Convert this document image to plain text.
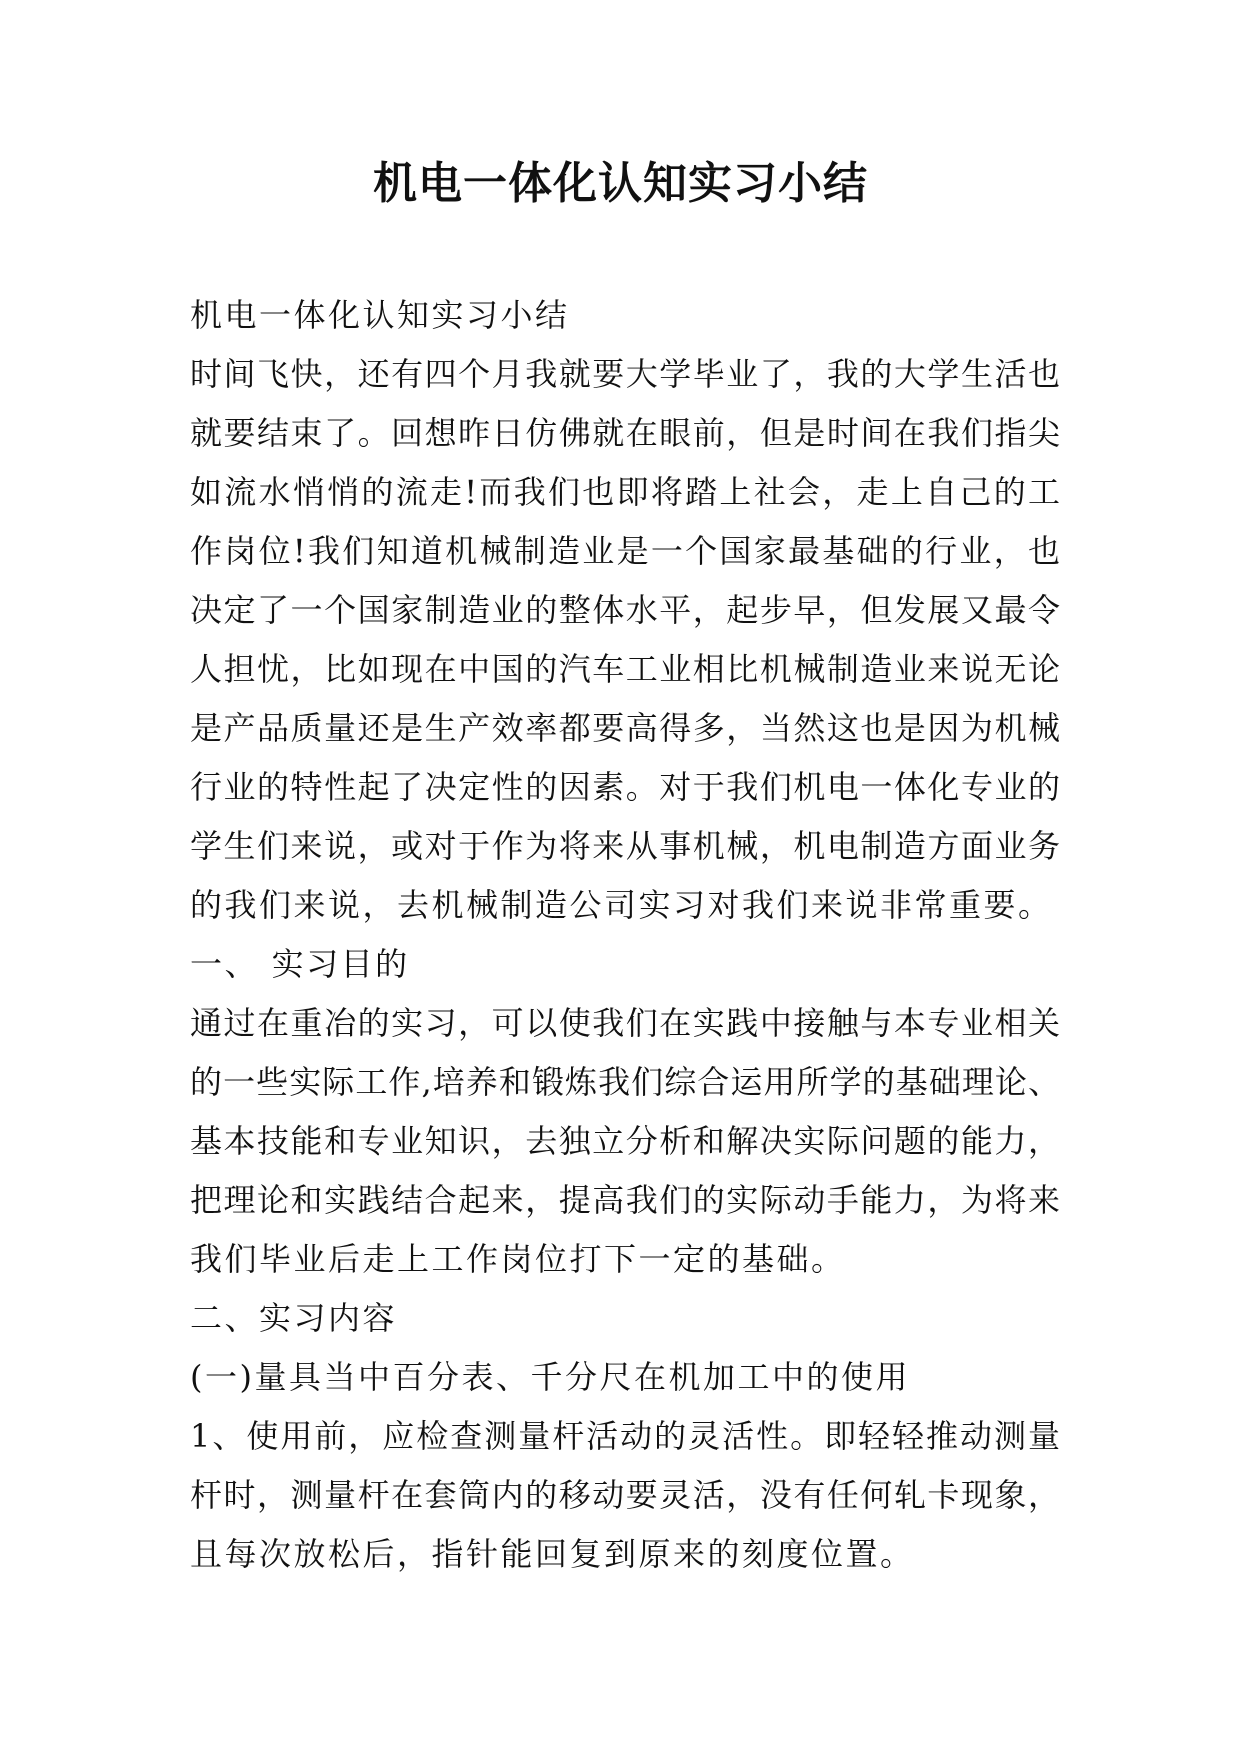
机电一体化认知实习小结
机电一体化认知实习小结
时间飞快，还有四个月我就要大学毕业了，我的大学生活也
就要结束了。回想昨日仿佛就在眼前，但是时间在我们指尖
如流水悄悄的流走!而我们也即将踏上社会，走上自己的工
作岗位!我们知道机械制造业是一个国家最基础的行业，也
决定了一个国家制造业的整体水平，起步早，但发展又最令
人担忧，比如现在中国的汽车工业相比机械制造业来说无论
是产品质量还是生产效率都要高得多，当然这也是因为机械
行业的特性起了决定性的因素。对于我们机电一体化专业的
学生们来说，或对于作为将来从事机械，机电制造方面业务
的我们来说，去机械制造公司实习对我们来说非常重要。
一、 实习目的
通过在重冶的实习，可以使我们在实践中接触与本专业相关
的一些实际工作,培养和锻炼我们综合运用所学的基础理论、
基本技能和专业知识，去独立分析和解决实际问题的能力，
把理论和实践结合起来，提高我们的实际动手能力，为将来
我们毕业后走上工作岗位打下一定的基础。
二、实习内容
(一)量具当中百分表、千分尺在机加工中的使用
1、使用前，应检查测量杆活动的灵活性。即轻轻推动测量
杆时，测量杆在套筒内的移动要灵活，没有任何轧卡现象，
且每次放松后，指针能回复到原来的刻度位置。
